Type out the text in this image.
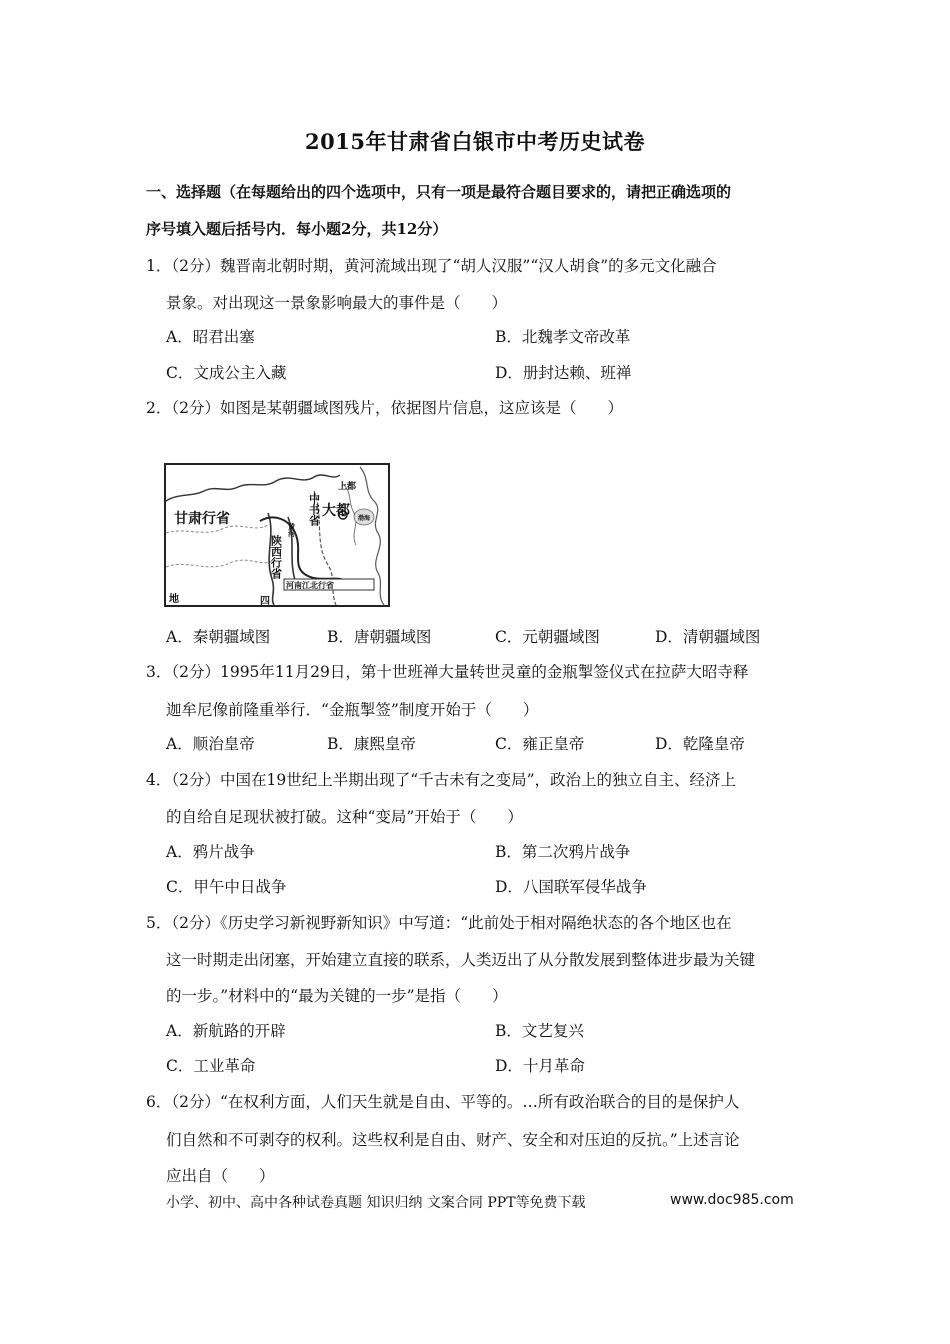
2015年甘肃省白银市中考历史试卷
一、选择题（在每题给出的四个选项中，只有一项是最符合题目要求的，请把正确选项的
序号填入题后括号内．每小题2分，共12分）
1．（2分）魏晋南北朝时期，黄河流域出现了“胡人汉服”“汉人胡食”的多元文化融合
景象。对出现这一景象影响最大的事件是（　　）
A．昭君出塞	B．北魏孝文帝改革
C．文成公主入藏	D．册封达赖、班禅
2．（2分）如图是某朝疆域图残片，依据图片信息，这应该是（　　）
甘肃行省
陕西行省
中书省
上都
大都 渤海
黄河
河南江北行省
地	四
A．秦朝疆域图	B．唐朝疆域图	C．元朝疆域图	D．清朝疆域图
3．（2分）1995年11月29日，第十世班禅大量转世灵童的金瓶掣签仪式在拉萨大昭寺释
迦牟尼像前隆重举行．“金瓶掣签”制度开始于（　　）
A．顺治皇帝	B．康熙皇帝	C．雍正皇帝	D．乾隆皇帝
4．（2分）中国在19世纪上半期出现了“千古未有之变局”，政治上的独立自主、经济上
的自给自足现状被打破。这种“变局”开始于（　　）
A．鸦片战争	B．第二次鸦片战争
C．甲午中日战争	D．八国联军侵华战争
5．（2分）《历史学习新视野新知识》中写道：“此前处于相对隔绝状态的各个地区也在
这一时期走出闭塞，开始建立直接的联系，人类迈出了从分散发展到整体进步最为关键
的一步。”材料中的“最为关键的一步”是指（　　）
A．新航路的开辟	B．文艺复兴
C．工业革命	D．十月革命
6．（2分）“在权利方面，人们天生就是自由、平等的。…所有政治联合的目的是保护人
们自然和不可剥夺的权利。这些权利是自由、财产、安全和对压迫的反抗。”上述言论
应出自（　　）
小学、初中、高中各种试卷真题 知识归纳 文案合同 PPT等免费下载	www.doc985.com
